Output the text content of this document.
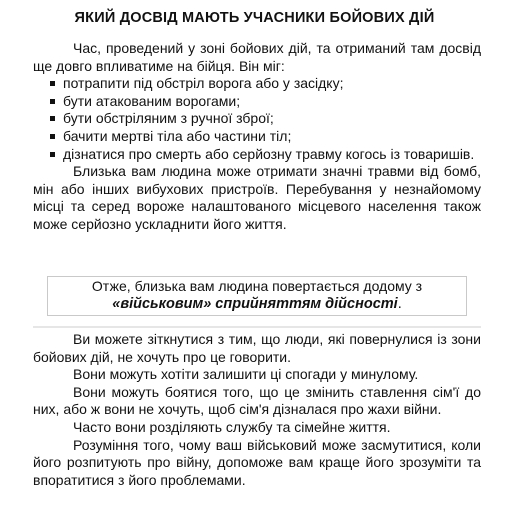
ЯКИЙ ДОСВІД МАЮТЬ УЧАСНИКИ БОЙОВИХ ДІЙ

Час, проведений у зоні бойових дій, та отриманий там досвід ще довго впливатиме на бійця. Він міг:

потрапити під обстріл ворога або у засідку;
бути атакованим ворогами;
бути обстріляним з ручної зброї;
бачити мертві тіла або частини тіл;
дізнатися про смерть або серйозну травму когось із товаришів.

Близька вам людина може отримати значні травми від бомб, мін або інших вибухових пристроїв. Перебування у незнайомому місці та серед вороже налаштованого місцевого населення також може серйозно ускладнити його життя.

Отже, близька вам людина повертається додому з
«військовим» сприйняттям дійсності.

Ви можете зіткнутися з тим, що люди, які повернулися із зони бойових дій, не хочуть про це говорити.

Вони можуть хотіти залишити ці спогади у минулому.

Вони можуть боятися того, що це змінить ставлення сім'ї до них, або ж вони не хочуть, щоб сім'я дізналася про жахи війни.

Часто вони розділяють службу та сімейне життя.

Розуміння того, чому ваш військовий може засмутитися, коли його розпитують про війну, допоможе вам краще його зрозуміти та впоратитися з його проблемами.
